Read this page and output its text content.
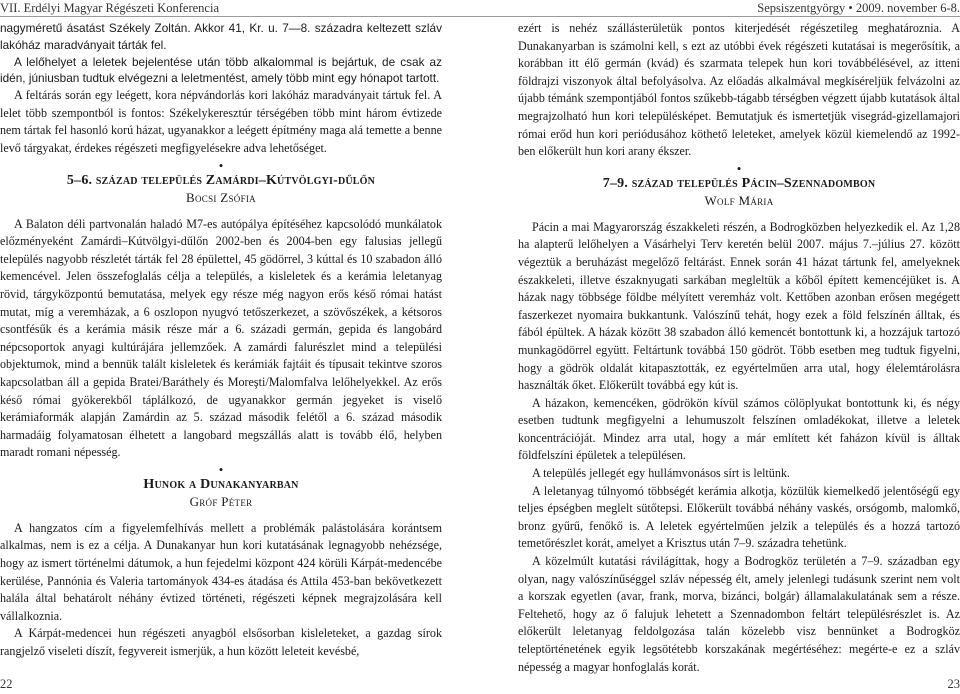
VII. Erdélyi Magyar Régészeti Konferencia	Sepsiszentgyörgy • 2009. november 6-8.

nagyméretű ásatást Székely Zoltán. Akkor 41, Kr. u. 7—8. századra keltezett szláv lakóház maradványait tárták fel.

A lelőhelyet a leletek bejelentése után több alkalommal is bejártuk, de csak az idén, júniusban tudtuk elvégezni a leletmentést, amely több mint egy hónapot tartott.

A feltárás során egy leégett, kora népvándorlás kori lakóház maradványait tártuk fel. A lelet több szempontból is fontos: Székelykeresztúr térségében több mint három évtizede nem tártak fel hasonló korú házat, ugyanakkor a leégett építmény maga alá temette a benne levő tárgyakat, érdekes régészeti megfigyelésekre adva lehetőséget.

•
5–6. század település Zamárdi–Kútvölgyi-dűlőn
Bocsi Zsófia

A Balaton déli partvonalán haladó M7-es autópálya építéséhez kapcsolódó munkálatok előzményeként Zamárdi–Kútvölgyi-dűlőn 2002-ben és 2004-ben egy falusias jellegű település nagyobb részletét tárták fel 28 épülettel, 45 gödörrel, 3 kúttal és 10 szabadon álló kemencével. Jelen összefoglalás célja a település, a kisleletek és a kerámia leletanyag rövid, tárgyközpontú bemutatása, melyek egy része még nagyon erős késő római hatást mutat, míg a veremházak, a 6 oszlopon nyugvó tetőszerkezet, a szövőszékek, a kétsoros csontfésűk és a kerámia másik része már a 6. századi germán, gepida és langobárd népcsoportok anyagi kultúrájára jellemzőek. A zamárdi falurészlet mind a települési objektumok, mind a bennük talált kisleletek és kerámiák fajtáit és típusait tekintve szoros kapcsolatban áll a gepida Bratei/Baráthely és Moreşti/Malomfalva lelőhelyekkel. Az erős késő római gyökerekből táplálkozó, de ugyanakkor germán jegyeket is viselő kerámiaformák alapján Zamárdin az 5. század második felétől a 6. század második harmadáig folyamatosan élhetett a langobard megszállás alatt is tovább élő, helyben maradt romani népesség.

•
Hunok a Dunakanyarban
Gróf Péter

A hangzatos cím a figyelemfelhívás mellett a problémák palástolására korántsem alkalmas, nem is ez a célja. A Dunakanyar hun kori kutatásának legnagyobb nehézsége, hogy az ismert történelmi dátumok, a hun fejedelmi központ 424 körüli Kárpát-medencébe kerülése, Pannónia és Valeria tartományok 434-es átadása és Attila 453-ban bekövetkezett halála által behatárolt néhány évtized történeti, régészeti képnek megrajzolására kell vállalkoznia.

A Kárpát-medencei hun régészeti anyagból elsősorban kisleleteket, a gazdag sírok rangjelző viseleti díszít, fegyvereit ismerjük, a hun között leleteit kevésbé,

ezért is nehéz szállásterületük pontos kiterjedését régészetileg meghatároznia. A Dunakanyarban is számolni kell, s ezt az utóbbi évek régészeti kutatásai is megerősítik, a korábban itt élő germán (kvád) és szarmata telepek hun kori továbbélésével, az itteni földrajzi viszonyok által befolyásolva. Az előadás alkalmával megkíséreljük felvázolni az újabb témánk szempontjából fontos szűkebb-tágabb térségben végzett újabb kutatások által megrajzolható hun kori településképet. Bemutatjuk és ismertetjük visegrád-gizellamajori római erőd hun kori periódusához köthető leleteket, amelyek közül kiemelendő az 1992-ben előkerült hun kori arany ékszer.

•
7–9. század település Pácin–Szennadombon
Wolf Mária

Pácin a mai Magyarország északkeleti részén, a Bodrogközben helyezkedik el. Az 1,28 ha alapterű lelőhelyen a Vásárhelyi Terv keretén belül 2007. május 7.–július 27. között végeztük a beruházást megelőző feltárást. Ennek során 41 házat tártunk fel, amelyeknek északkeleti, illetve északnyugati sarkában megleltük a kőből épített kemencéjüket is. A házak nagy többsége földbe mélyített veremház volt. Kettőben azonban erősen megégett faszerkezet nyomaira bukkantunk. Valószínű tehát, hogy ezek a föld felszínén álltak, és fából épültek. A házak között 38 szabadon álló kemencét bontottunk ki, a hozzájuk tartozó munkagödörrel együtt. Feltártunk továbbá 150 gödröt. Több esetben meg tudtuk figyelni, hogy a gödrök oldalát kitapasztották, ez egyértelműen arra utal, hogy élelemtárolásra használták őket. Előkerült továbbá egy kút is.

A házakon, kemencéken, gödrökön kívül számos cölöplyukat bontottunk ki, és négy esetben tudtunk megfigyelni a lehumuszolt felszínen omladékokat, illetve a leletek koncentrációját. Mindez arra utal, hogy a már említett két faházon kívül is álltak földfelszíni épületek a településen.

A település jellegét egy hullámvonásos sírt is leltünk.

A leletanyag túlnyomó többségét kerámia alkotja, közülük kiemelkedő jelentőségű egy teljes épségben meglelt sütőtepsi. Előkerült továbbá néhány vaskés, orsógomb, malomkő, bronz gyűrű, fenőkő is. A leletek egyértelműen jelzik a település és a hozzá tartozó temetőrészlet korát, amelyet a Krisztus után 7–9. századra tehetünk.

A közelmúlt kutatási rávilágíttak, hogy a Bodrogköz területén a 7–9. században egy olyan, nagy valószínűséggel szláv népesség élt, amely jelenlegi tudásunk szerint nem volt a korszak egyetlen (avar, frank, morva, bizánci, bolgár) államalakulatának sem a része. Feltehető, hogy az ő falujuk lehetett a Szennadombon feltárt településrészlet is. Az előkerült leletanyag feldolgozása talán közelebb visz bennünket a Bodrogköz teleptörténetének egyik legsötétebb korszakának megértéséhez: megérte-e ez a szláv népesség a magyar honfoglalás korát.

22	23
